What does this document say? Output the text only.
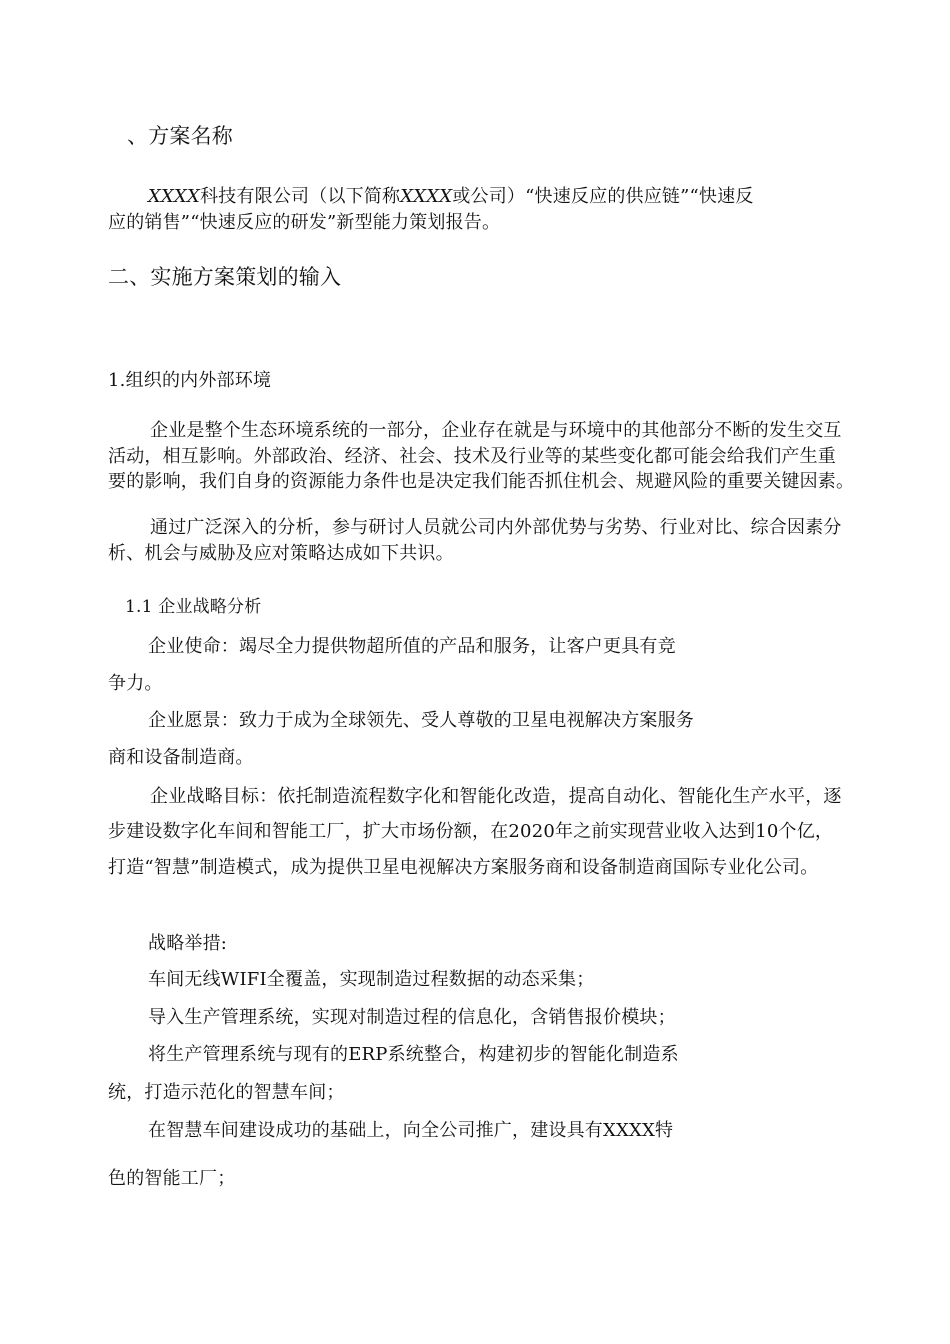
、方案名称
XXXX科技有限公司（以下简称XXXX或公司）“快速反应的供应链”“快速反
应的销售”“快速反应的研发”新型能力策划报告。
二、实施方案策划的输入
1.组织的内外部环境
企业是整个生态环境系统的一部分，企业存在就是与环境中的其他部分不断的发生交互
活动，相互影响。外部政治、经济、社会、技术及行业等的某些变化都可能会给我们产生重
要的影响，我们自身的资源能力条件也是决定我们能否抓住机会、规避风险的重要关键因素。
通过广泛深入的分析，参与研讨人员就公司内外部优势与劣势、行业对比、综合因素分
析、机会与威胁及应对策略达成如下共识。
1.1 企业战略分析
企业使命：竭尽全力提供物超所值的产品和服务，让客户更具有竞
争力。
企业愿景：致力于成为全球领先、受人尊敬的卫星电视解决方案服务
商和设备制造商。
企业战略目标：依托制造流程数字化和智能化改造，提高自动化、智能化生产水平，逐
步建设数字化车间和智能工厂，扩大市场份额，在2020年之前实现营业收入达到10个亿，
打造“智慧”制造模式，成为提供卫星电视解决方案服务商和设备制造商国际专业化公司。
战略举措:
车间无线WIFI全覆盖，实现制造过程数据的动态采集；
导入生产管理系统，实现对制造过程的信息化，含销售报价模块；
将生产管理系统与现有的ERP系统整合，构建初步的智能化制造系
统，打造示范化的智慧车间；
在智慧车间建设成功的基础上，向全公司推广，建设具有XXXX特
色的智能工厂；
